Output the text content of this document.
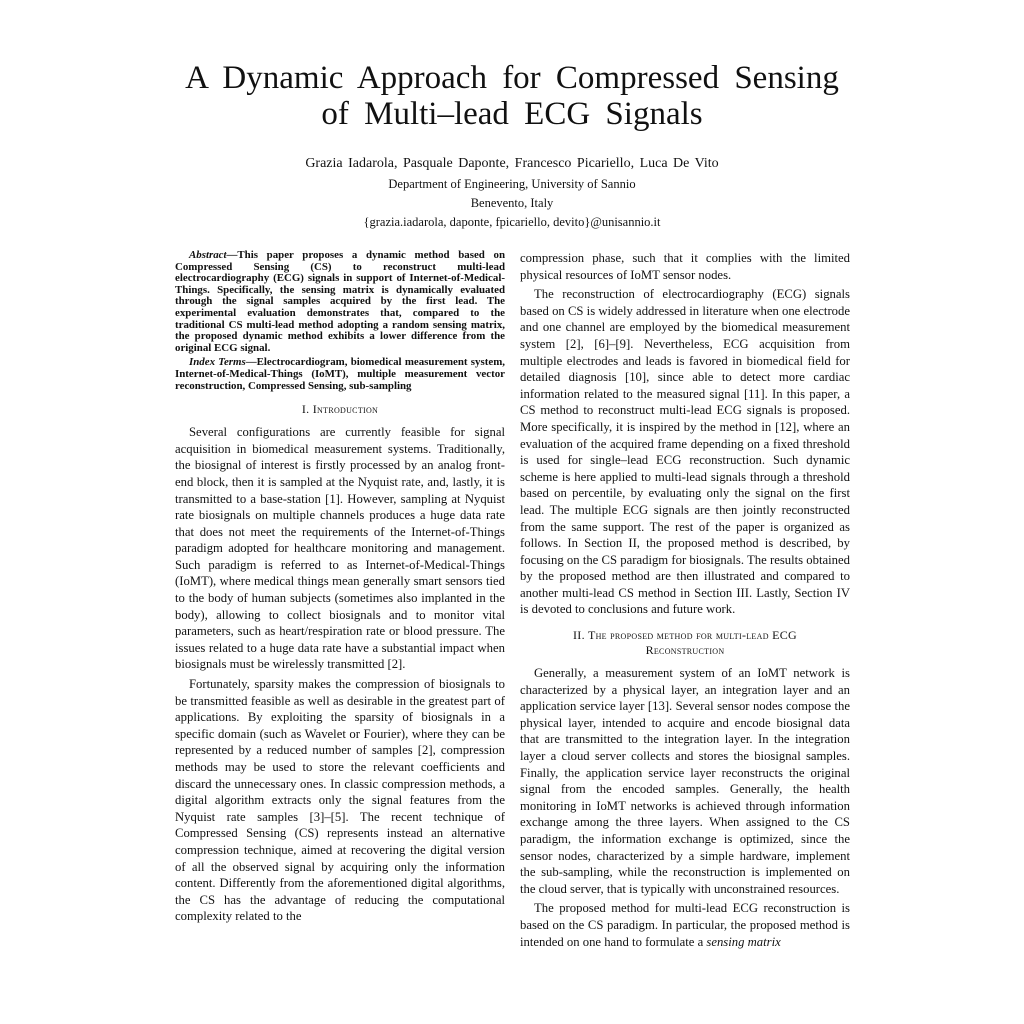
A Dynamic Approach for Compressed Sensing
of Multi–lead ECG Signals
Grazia Iadarola, Pasquale Daponte, Francesco Picariello, Luca De Vito
Department of Engineering, University of Sannio
Benevento, Italy
{grazia.iadarola, daponte, fpicariello, devito}@unisannio.it

Abstract—This paper proposes a dynamic method based on Compressed Sensing (CS) to reconstruct multi-lead electrocardiography (ECG) signals in support of Internet-of-Medical-Things. Specifically, the sensing matrix is dynamically evaluated through the signal samples acquired by the first lead. The experimental evaluation demonstrates that, compared to the traditional CS multi-lead method adopting a random sensing matrix, the proposed dynamic method exhibits a lower difference from the original ECG signal.

Index Terms—Electrocardiogram, biomedical measurement system, Internet-of-Medical-Things (IoMT), multiple measurement vector reconstruction, Compressed Sensing, sub-sampling

I. Introduction

Several configurations are currently feasible for signal acquisition in biomedical measurement systems. Traditionally, the biosignal of interest is firstly processed by an analog front-end block, then it is sampled at the Nyquist rate, and, lastly, it is transmitted to a base-station [1]. However, sampling at Nyquist rate biosignals on multiple channels produces a huge data rate that does not meet the requirements of the Internet-of-Things paradigm adopted for healthcare monitoring and management. Such paradigm is referred to as Internet-of-Medical-Things (IoMT), where medical things mean generally smart sensors tied to the body of human subjects (sometimes also implanted in the body), allowing to collect biosignals and to monitor vital parameters, such as heart/respiration rate or blood pressure. The issues related to a huge data rate have a substantial impact when biosignals must be wirelessly transmitted [2].

Fortunately, sparsity makes the compression of biosignals to be transmitted feasible as well as desirable in the greatest part of applications. By exploiting the sparsity of biosignals in a specific domain (such as Wavelet or Fourier), where they can be represented by a reduced number of samples [2], compression methods may be used to store the relevant coefficients and discard the unnecessary ones. In classic compression methods, a digital algorithm extracts only the signal features from the Nyquist rate samples [3]–[5]. The recent technique of Compressed Sensing (CS) represents instead an alternative compression technique, aimed at recovering the digital version of all the observed signal by acquiring only the information content. Differently from the aforementioned digital algorithms, the CS has the advantage of reducing the computational complexity related to the

compression phase, such that it complies with the limited physical resources of IoMT sensor nodes.

The reconstruction of electrocardiography (ECG) signals based on CS is widely addressed in literature when one electrode and one channel are employed by the biomedical measurement system [2], [6]–[9]. Nevertheless, ECG acquisition from multiple electrodes and leads is favored in biomedical field for detailed diagnosis [10], since able to detect more cardiac information related to the measured signal [11]. In this paper, a CS method to reconstruct multi-lead ECG signals is proposed. More specifically, it is inspired by the method in [12], where an evaluation of the acquired frame depending on a fixed threshold is used for single–lead ECG reconstruction. Such dynamic scheme is here applied to multi-lead signals through a threshold based on percentile, by evaluating only the signal on the first lead. The multiple ECG signals are then jointly reconstructed from the same support. The rest of the paper is organized as follows. In Section II, the proposed method is described, by focusing on the CS paradigm for biosignals. The results obtained by the proposed method are then illustrated and compared to another multi-lead CS method in Section III. Lastly, Section IV is devoted to conclusions and future work.

II. The proposed method for multi-lead ECG
Reconstruction

Generally, a measurement system of an IoMT network is characterized by a physical layer, an integration layer and an application service layer [13]. Several sensor nodes compose the physical layer, intended to acquire and encode biosignal data that are transmitted to the integration layer. In the integration layer a cloud server collects and stores the biosignal samples. Finally, the application service layer reconstructs the original signal from the encoded samples. Generally, the health monitoring in IoMT networks is achieved through information exchange among the three layers. When assigned to the CS paradigm, the information exchange is optimized, since the sensor nodes, characterized by a simple hardware, implement the sub-sampling, while the reconstruction is implemented on the cloud server, that is typically with unconstrained resources.

The proposed method for multi-lead ECG reconstruction is based on the CS paradigm. In particular, the proposed method is intended on one hand to formulate a sensing matrix
